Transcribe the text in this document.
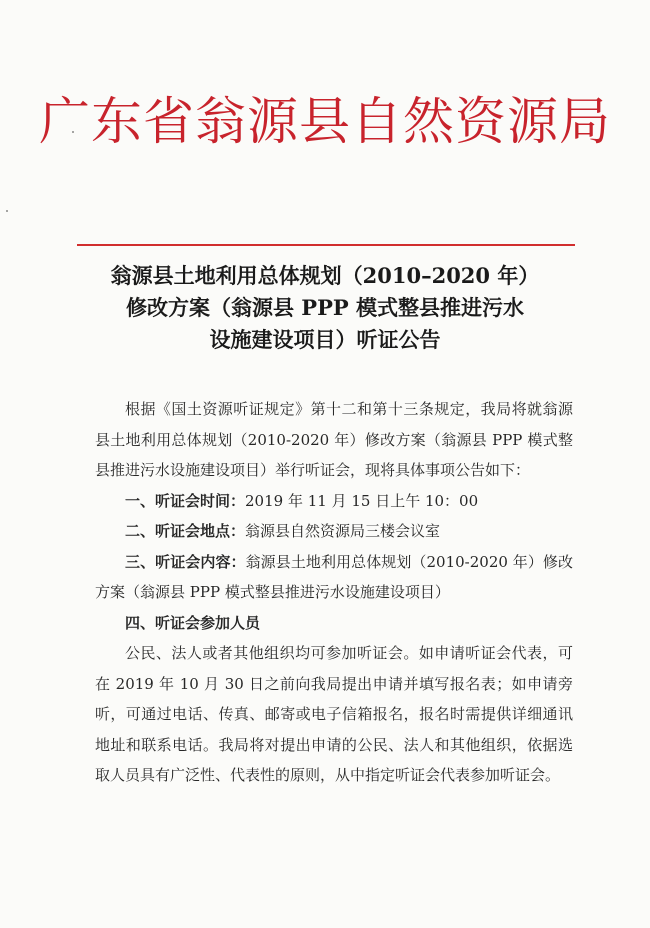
广东省翁源县自然资源局
翁源县土地利用总体规划（2010–2020 年）
修改方案（翁源县 PPP 模式整县推进污水
设施建设项目）听证公告

根据《国土资源听证规定》第十二和第十三条规定，我局将就翁源县土地利用总体规划（2010-2020 年）修改方案（翁源县 PPP 模式整县推进污水设施建设项目）举行听证会，现将具体事项公告如下：

一、听证会时间：2019 年 11 月 15 日上午 10：00

二、听证会地点：翁源县自然资源局三楼会议室

三、听证会内容：翁源县土地利用总体规划（2010-2020 年）修改方案（翁源县 PPP 模式整县推进污水设施建设项目）

四、听证会参加人员

公民、法人或者其他组织均可参加听证会。如申请听证会代表，可在 2019 年 10 月 30 日之前向我局提出申请并填写报名表；如申请旁听，可通过电话、传真、邮寄或电子信箱报名，报名时需提供详细通讯地址和联系电话。我局将对提出申请的公民、法人和其他组织，依据选取人员具有广泛性、代表性的原则，从中指定听证会代表参加听证会。
